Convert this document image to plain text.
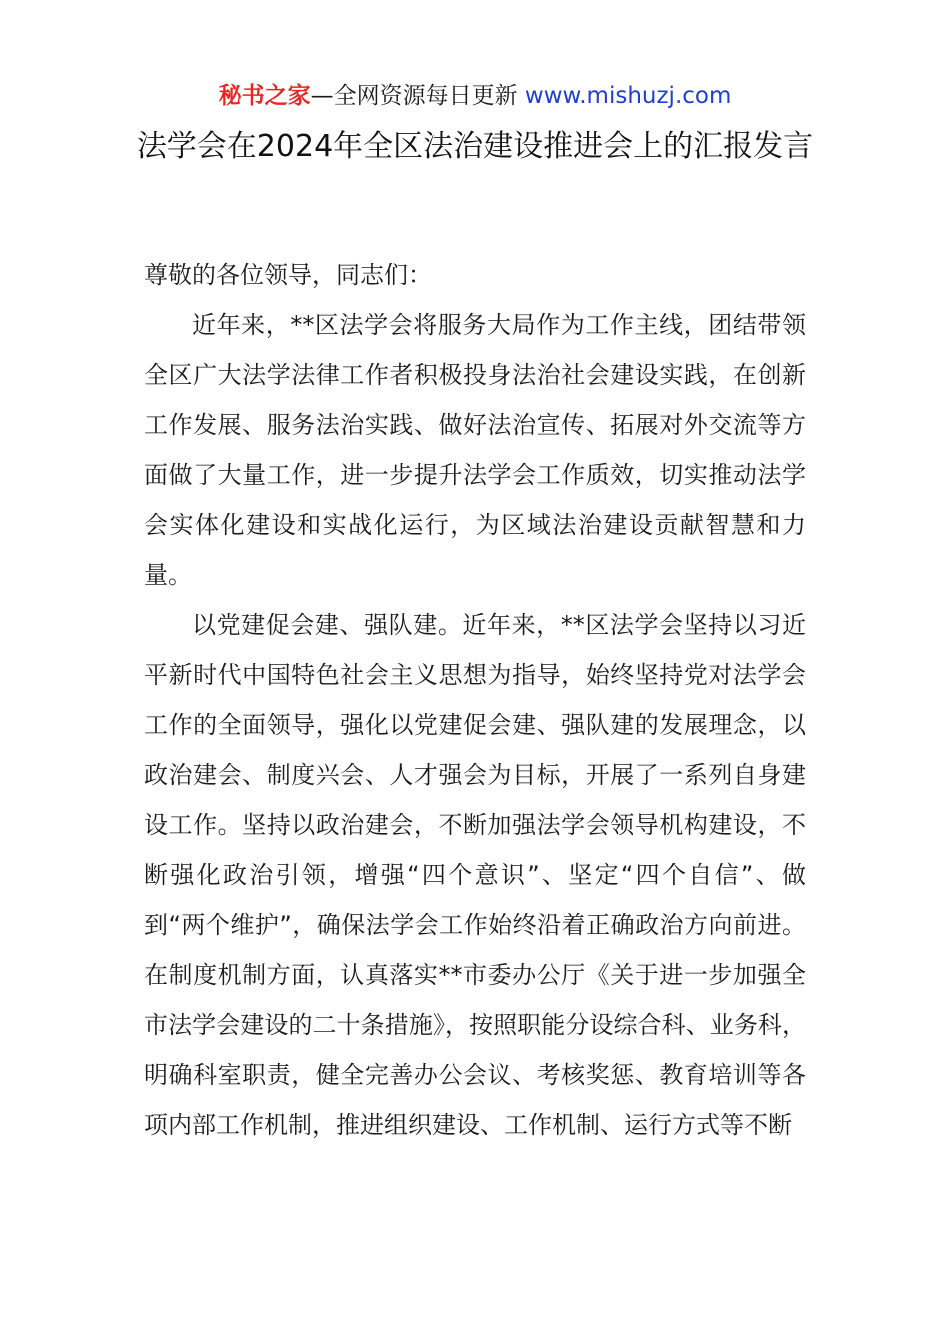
秘书之家—全网资源每日更新 www.mishuzj.com
法学会在2024年全区法治建设推进会上的汇报发言

尊敬的各位领导，同志们：

近年来，**区法学会将服务大局作为工作主线，团结带领全区广大法学法律工作者积极投身法治社会建设实践，在创新工作发展、服务法治实践、做好法治宣传、拓展对外交流等方面做了大量工作，进一步提升法学会工作质效，切实推动法学会实体化建设和实战化运行，为区域法治建设贡献智慧和力量。

以党建促会建、强队建。近年来，**区法学会坚持以习近平新时代中国特色社会主义思想为指导，始终坚持党对法学会工作的全面领导，强化以党建促会建、强队建的发展理念，以政治建会、制度兴会、人才强会为目标，开展了一系列自身建设工作。坚持以政治建会，不断加强法学会领导机构建设，不断强化政治引领，增强“四个意识”、坚定“四个自信”、做到“两个维护”，确保法学会工作始终沿着正确政治方向前进。在制度机制方面，认真落实**市委办公厅《关于进一步加强全市法学会建设的二十条措施》，按照职能分设综合科、业务科，明确科室职责，健全完善办公会议、考核奖惩、教育培训等各项内部工作机制，推进组织建设、工作机制、运行方式等不断
